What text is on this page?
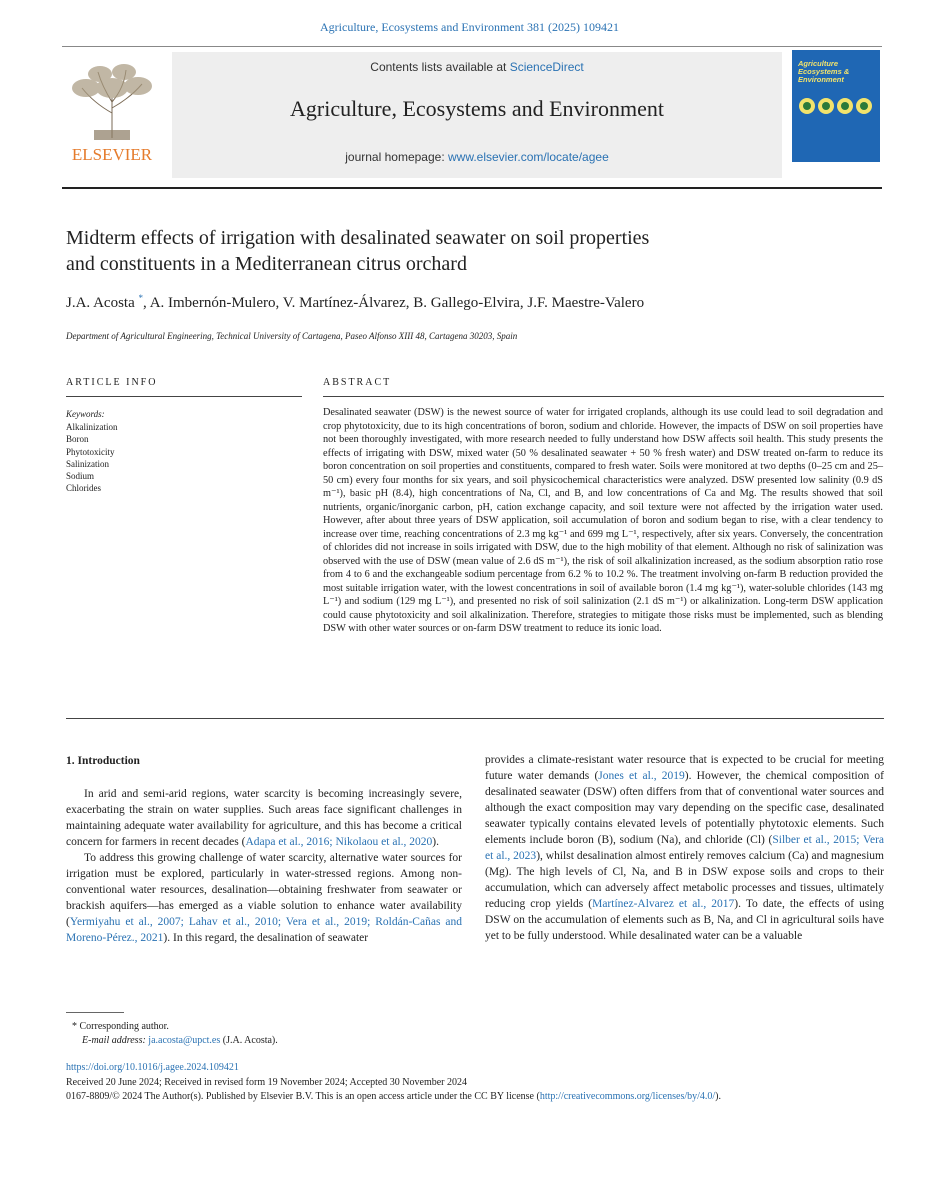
Agriculture, Ecosystems and Environment 381 (2025) 109421
ELSEVIER
Contents lists available at ScienceDirect
Agriculture, Ecosystems and Environment
journal homepage: www.elsevier.com/locate/agee
Agriculture Ecosystems & Environment
Midterm effects of irrigation with desalinated seawater on soil properties
and constituents in a Mediterranean citrus orchard
J.A. Acosta *, A. Imbernón-Mulero, V. Martínez-Álvarez, B. Gallego-Elvira, J.F. Maestre-Valero
Department of Agricultural Engineering, Technical University of Cartagena, Paseo Alfonso XIII 48, Cartagena 30203, Spain
ARTICLE INFO	ABSTRACT
Keywords:
Alkalinization
Boron
Phytotoxicity
Salinization
Sodium
Chlorides
Desalinated seawater (DSW) is the newest source of water for irrigated croplands, although its use could lead to soil degradation and crop phytotoxicity, due to its high concentrations of boron, sodium and chloride. However, the impacts of DSW on soil properties have not been thoroughly investigated, with more research needed to fully understand how DSW affects soil health. This study presents the effects of irrigating with DSW, mixed water (50 % desalinated seawater + 50 % fresh water) and DSW treated on-farm to reduce its boron concentration on soil properties and constituents, compared to fresh water. Soils were monitored at two depths (0–25 cm and 25–50 cm) every four months for six years, and soil physicochemical characteristics were analyzed. DSW presented low salinity (0.9 dS m⁻¹), basic pH (8.4), high concentrations of Na, Cl, and B, and low concentrations of Ca and Mg. The results showed that soil nutrients, organic/inorganic carbon, pH, cation exchange capacity, and soil texture were not affected by the irrigation water used. However, after about three years of DSW application, soil accumulation of boron and sodium began to rise, with a clear tendency to increase over time, reaching concentrations of 2.3 mg kg⁻¹ and 699 mg L⁻¹, respectively, after six years. Conversely, the concentration of chlorides did not increase in soils irrigated with DSW, due to the high mobility of that element. Although no risk of salinization was observed with the use of DSW (mean value of 2.6 dS m⁻¹), the risk of soil alkalinization increased, as the sodium absorption ratio rose from 4 to 6 and the exchangeable sodium percentage from 6.2 % to 10.2 %. The treatment involving on-farm B reduction provided the most suitable irrigation water, with the lowest concentrations in soil of available boron (1.4 mg kg⁻¹), water-soluble chlorides (143 mg L⁻¹) and sodium (129 mg L⁻¹), and presented no risk of soil salinization (2.1 dS m⁻¹) or alkalinization. Long-term DSW application could cause phytotoxicity and soil alkalinization. Therefore, strategies to mitigate those risks must be implemented, such as blending DSW with other water sources or on-farm DSW treatment to reduce its ionic load.
1. Introduction

In arid and semi-arid regions, water scarcity is becoming increasingly severe, exacerbating the strain on water supplies. Such areas face significant challenges in maintaining adequate water availability for agriculture, and this has become a critical concern for farmers in recent decades (Adapa et al., 2016; Nikolaou et al., 2020).

To address this growing challenge of water scarcity, alternative water sources for irrigation must be explored, particularly in water-stressed regions. Among non-conventional water resources, desalination—obtaining freshwater from seawater or brackish aquifers—has emerged as a viable solution to enhance water availability (Yermiyahu et al., 2007; Lahav et al., 2010; Vera et al., 2019; Roldán-Cañas and Moreno-Pérez., 2021). In this regard, the desalination of seawater

provides a climate-resistant water resource that is expected to be crucial for meeting future water demands (Jones et al., 2019). However, the chemical composition of desalinated seawater (DSW) often differs from that of conventional water sources and although the exact composition may vary depending on the specific case, desalinated seawater typically contains elevated levels of potentially phytotoxic elements. Such elements include boron (B), sodium (Na), and chloride (Cl) (Silber et al., 2015; Vera et al., 2023), whilst desalination almost entirely removes calcium (Ca) and magnesium (Mg). The high levels of Cl, Na, and B in DSW expose soils and crops to their accumulation, which can adversely affect metabolic processes and tissues, ultimately reducing crop yields (Martínez-Alvarez et al., 2017). To date, the effects of using DSW on the accumulation of elements such as B, Na, and Cl in agricultural soils have yet to be fully understood. While desalinated water can be a valuable

* Corresponding author.
E-mail address: ja.acosta@upct.es (J.A. Acosta).
https://doi.org/10.1016/j.agee.2024.109421
Received 20 June 2024; Received in revised form 19 November 2024; Accepted 30 November 2024
0167-8809/© 2024 The Author(s). Published by Elsevier B.V. This is an open access article under the CC BY license (http://creativecommons.org/licenses/by/4.0/).
